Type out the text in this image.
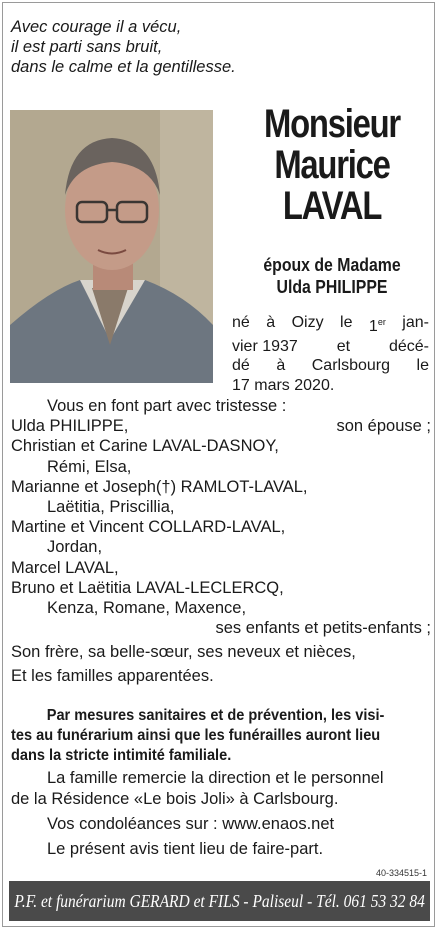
Avec courage il a vécu,
il est parti sans bruit,
dans le calme et la gentillesse.
Monsieur
Maurice
LAVAL
époux de Madame
Ulda PHILIPPE
né à Oizy le 1er jan-
vier 1937 et décé-
dé à Carlsbourg le
17 mars 2020.
Vous en font part avec tristesse :
Ulda PHILIPPE,	son épouse ;
Christian et Carine LAVAL-DASNOY,
Rémi, Elsa,
Marianne et Joseph(†) RAMLOT-LAVAL,
Laëtitia, Priscillia,
Martine et Vincent COLLARD-LAVAL,
Jordan,
Marcel LAVAL,
Bruno et Laëtitia LAVAL-LECLERCQ,
Kenza, Romane, Maxence,
ses enfants et petits-enfants ;
Son frère, sa belle-sœur, ses neveux et nièces,
Et les familles apparentées.
Par mesures sanitaires et de prévention, les visi-
tes au funérarium ainsi que les funérailles auront lieu
dans la stricte intimité familiale.
La famille remercie la direction et le personnel
de la Résidence «Le bois Joli» à Carlsbourg.
Vos condoléances sur : www.enaos.net
Le présent avis tient lieu de faire-part.
40-334515-1
P.F. et funérarium GERARD et FILS - Paliseul - Tél. 061 53 32 84
